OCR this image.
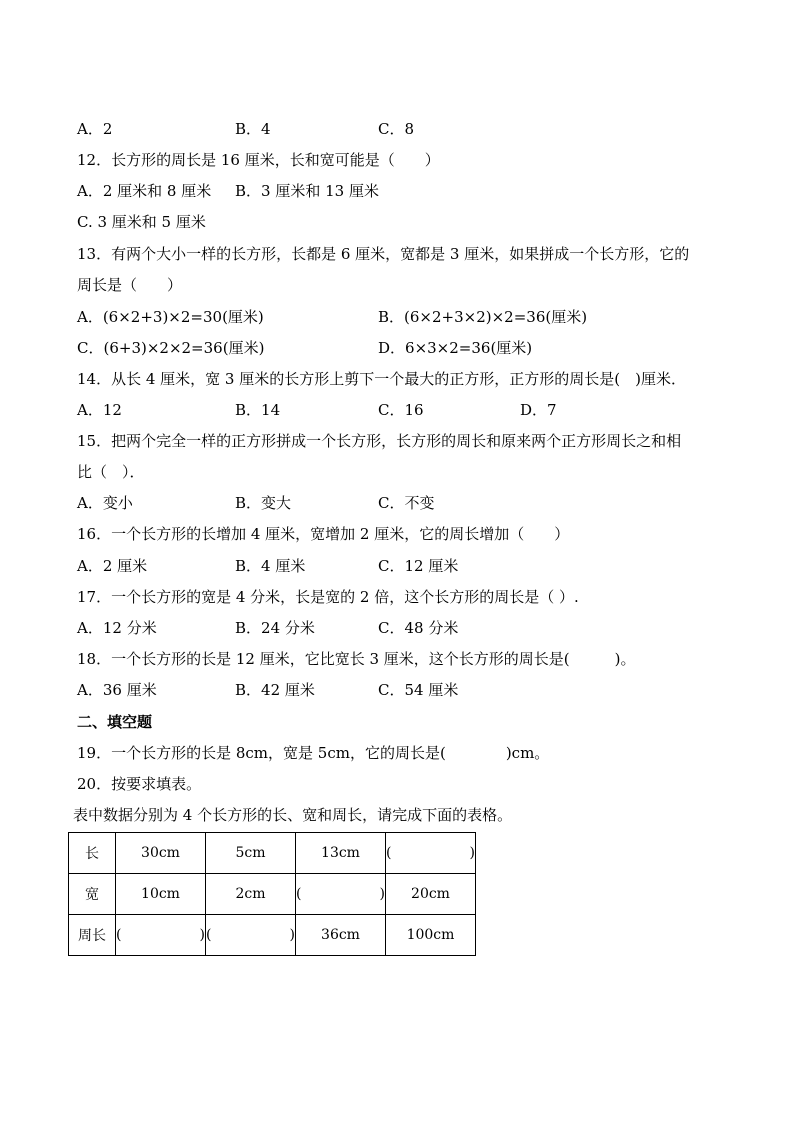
A．2	B．4	C．8
12．长方形的周长是 16 厘米，长和宽可能是（　　）
A．2 厘米和 8 厘米 B．3 厘米和 13 厘米
C. 3 厘米和 5 厘米
13．有两个大小一样的长方形，长都是 6 厘米，宽都是 3 厘米，如果拼成一个长方形，它的
周长是（　　）
A．(6×2+3)×2=30(厘米)	B．(6×2+3×2)×2=36(厘米)
C．(6+3)×2×2=36(厘米)	D．6×3×2=36(厘米)
14．从长 4 厘米，宽 3 厘米的长方形上剪下一个最大的正方形，正方形的周长是(　)厘米．
A．12	B．14	C．16	D．7
15．把两个完全一样的正方形拼成一个长方形，长方形的周长和原来两个正方形周长之和相
比（　）．
A．变小	B．变大	C．不变
16．一个长方形的长增加 4 厘米，宽增加 2 厘米，它的周长增加（　　）
A．2 厘米	B．4 厘米	C．12 厘米
17．一个长方形的宽是 4 分米，长是宽的 2 倍，这个长方形的周长是（ ）.
A．12 分米	B．24 分米	C．48 分米
18．一个长方形的长是 12 厘米，它比宽长 3 厘米，这个长方形的周长是(　　　)。
A．36 厘米	B．42 厘米	C．54 厘米
二、填空题
19．一个长方形的长是 8cm，宽是 5cm，它的周长是(　　　　)cm。
20．按要求填表。
表中数据分别为 4 个长方形的长、宽和周长，请完成下面的表格。
长	30cm	5cm	13cm	( )

宽	10cm	2cm	( )	20cm
周长	( )	( )	36cm	100cm
